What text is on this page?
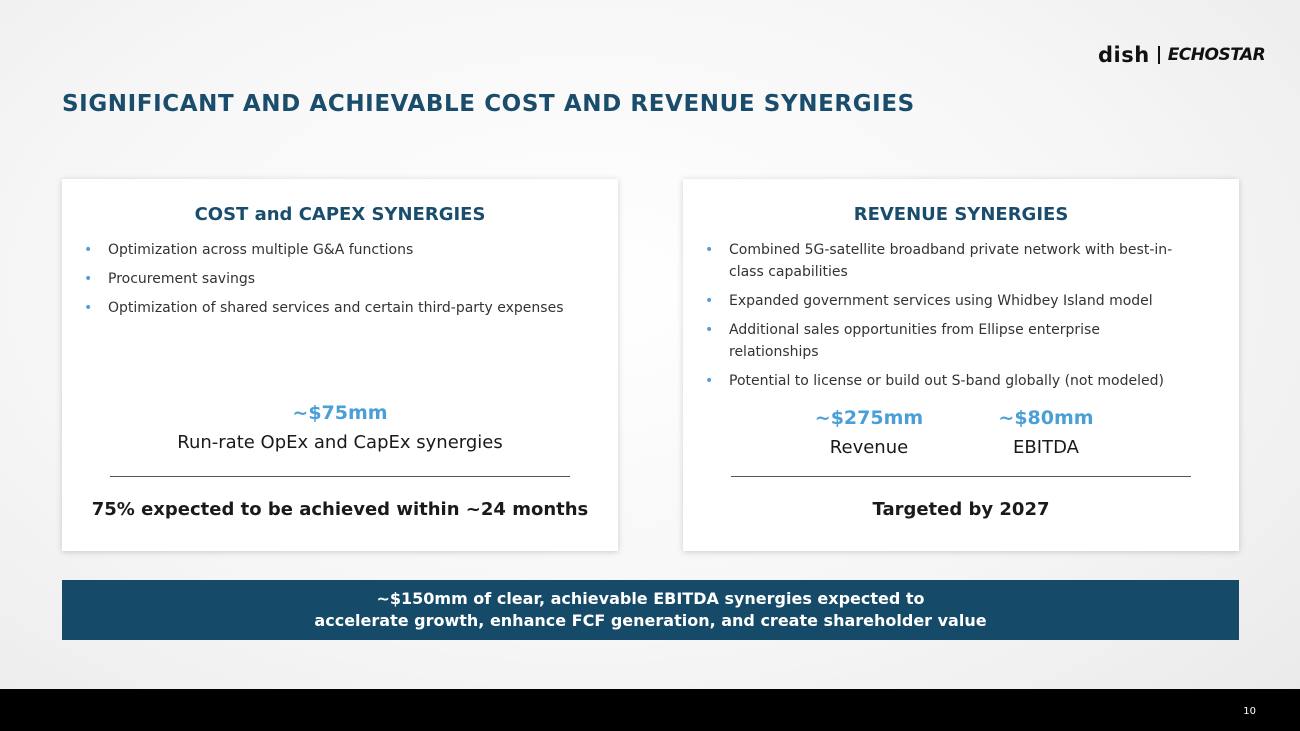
dish ECHOSTAR
SIGNIFICANT AND ACHIEVABLE COST AND REVENUE SYNERGIES
COST and CAPEX SYNERGIES
• Optimization across multiple G&A functions
• Procurement savings
• Optimization of shared services and certain third-party expenses
~$75mm
Run-rate OpEx and CapEx synergies
75% expected to be achieved within ~24 months
REVENUE SYNERGIES
• Combined 5G-satellite broadband private network with best-in-class capabilities
• Expanded government services using Whidbey Island model
• Additional sales opportunities from Ellipse enterprise relationships
• Potential to license or build out S-band globally (not modeled)
~$275mm
Revenue
~$80mm
EBITDA
Targeted by 2027
~$150mm of clear, achievable EBITDA synergies expected to
accelerate growth, enhance FCF generation, and create shareholder value
10
